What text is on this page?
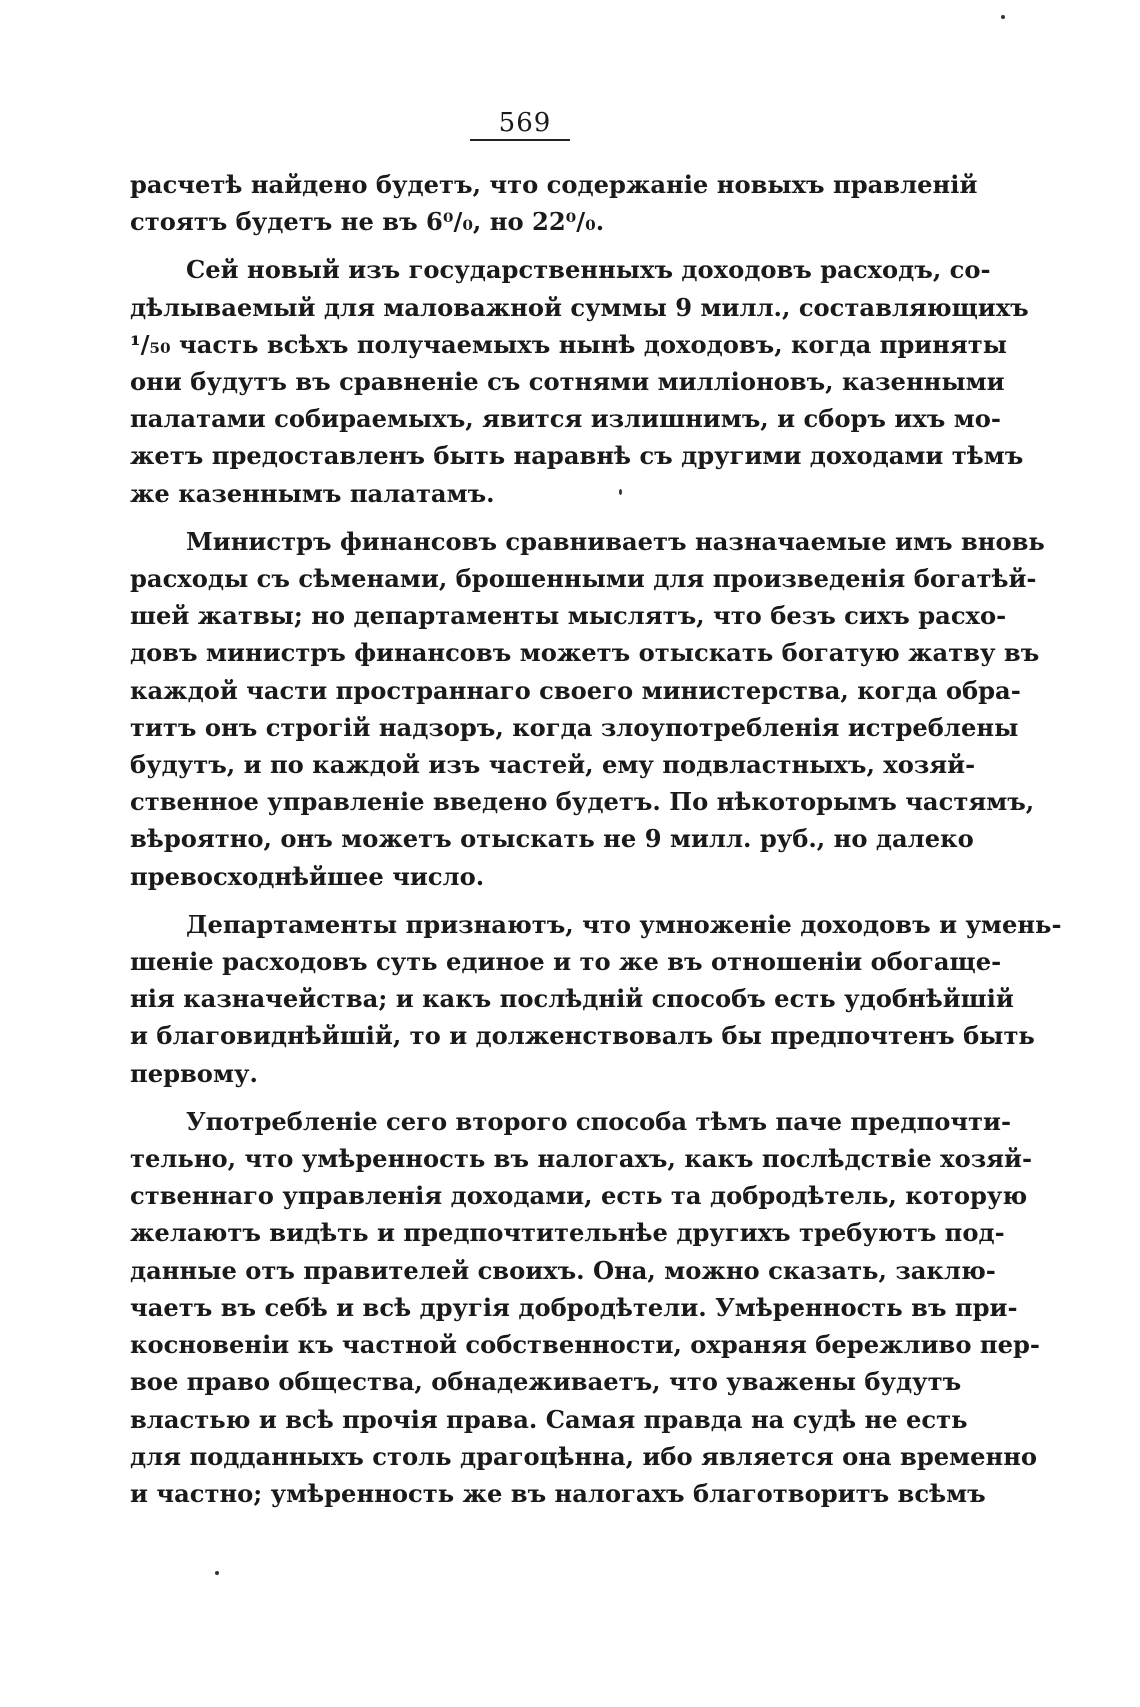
569
расчетѣ найдено будетъ, что содержаніе новыхъ правленій
стоятъ будетъ не въ 6⁰/₀, но 22⁰/₀.
Сей новый изъ государственныхъ доходовъ расходъ, со-
дѣлываемый для маловажной суммы 9 милл., составляющихъ
¹/₅₀ часть всѣхъ получаемыхъ нынѣ доходовъ, когда приняты
они будутъ въ сравненіе съ сотнями милліоновъ, казенными
палатами собираемыхъ, явится излишнимъ, и сборъ ихъ мо-
жетъ предоставленъ быть наравнѣ съ другими доходами тѣмъ
же казеннымъ палатамъ.
Министръ финансовъ сравниваетъ назначаемые имъ вновь
расходы съ сѣменами, брошенными для произведенія богатѣй-
шей жатвы; но департаменты мыслятъ, что безъ сихъ расхо-
довъ министръ финансовъ можетъ отыскать богатую жатву въ
каждой части пространнаго своего министерства, когда обра-
титъ онъ строгій надзоръ, когда злоупотребленія истреблены
будутъ, и по каждой изъ частей, ему подвластныхъ, хозяй-
ственное управленіе введено будетъ. По нѣкоторымъ частямъ,
вѣроятно, онъ можетъ отыскать не 9 милл. руб., но далеко
превосходнѣйшее число.
Департаменты признаютъ, что умноженіе доходовъ и умень-
шеніе расходовъ суть единое и то же въ отношеніи обогаще-
нія казначейства; и какъ послѣдній способъ есть удобнѣйшій
и благовиднѣйшій, то и долженствовалъ бы предпочтенъ быть
первому.
Употребленіе сего второго способа тѣмъ паче предпочти-
тельно, что умѣренность въ налогахъ, какъ послѣдствіе хозяй-
ственнаго управленія доходами, есть та добродѣтель, которую
желаютъ видѣть и предпочтительнѣе другихъ требуютъ под-
данные отъ правителей своихъ. Она, можно сказать, заклю-
чаетъ въ себѣ и всѣ другія добродѣтели. Умѣренность въ при-
косновеніи къ частной собственности, охраняя бережливо пер-
вое право общества, обнадеживаетъ, что уважены будутъ
властью и всѣ прочія права. Самая правда на судѣ не есть
для подданныхъ столь драгоцѣнна, ибо является она временно
и частно; умѣренность же въ налогахъ благотворитъ всѣмъ
